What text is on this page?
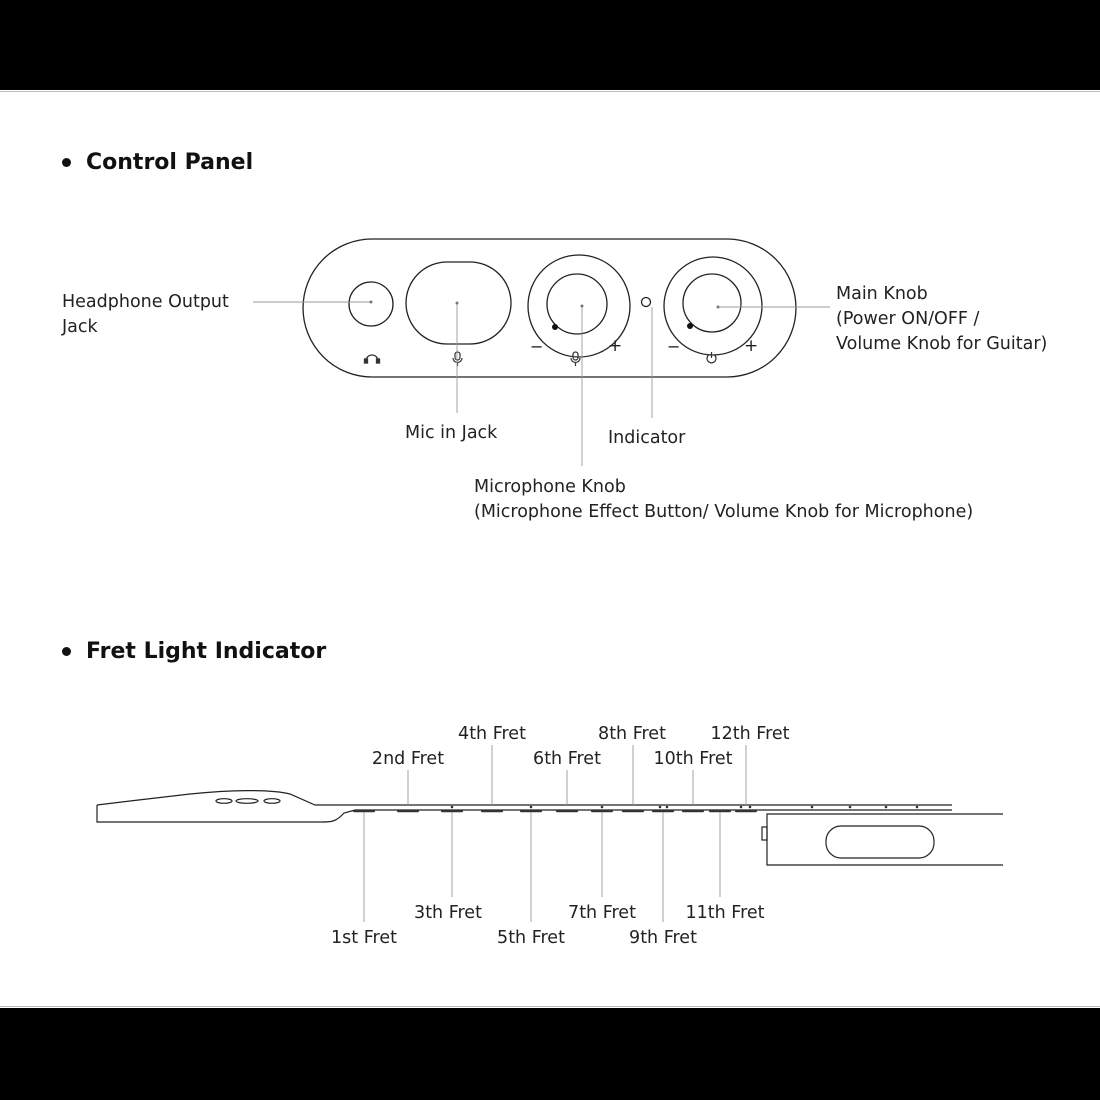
Control Panel
Fret Light Indicator
−	+	−	+
Headphone Output
Jack
Mic in Jack	Indicator
Microphone Knob
(Microphone Effect Button/ Volume Knob for Microphone)
Main Knob
(Power ON/OFF /
Volume Knob for Guitar)
1st Fret
2nd Fret
3th Fret
4th Fret
5th Fret
6th Fret
7th Fret
8th Fret
9th Fret
10th Fret
11th Fret
12th Fret
